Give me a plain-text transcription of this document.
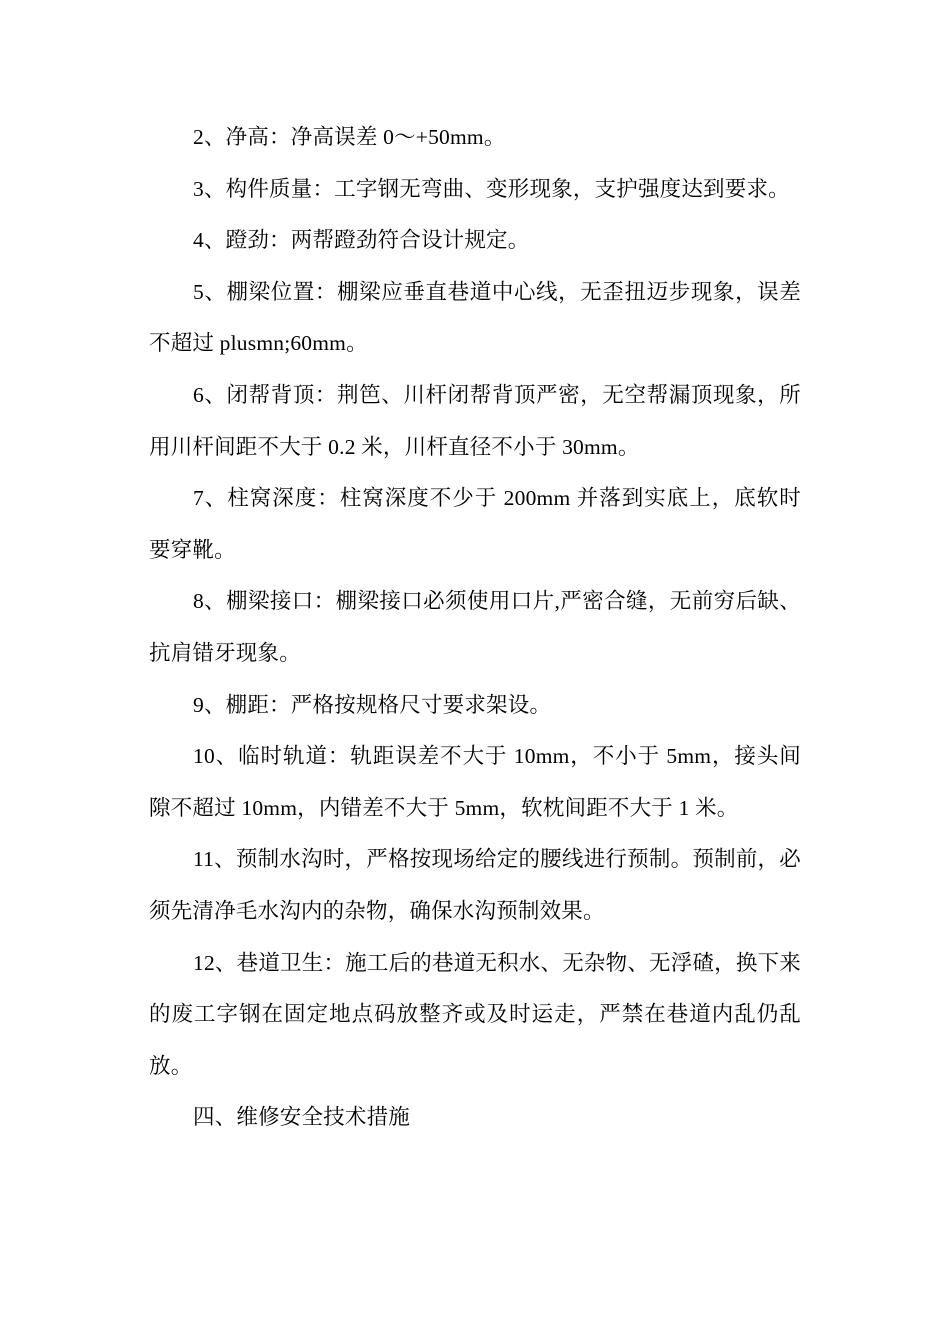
2、净高：净高误差 0～+50mm。

3、构件质量：工字钢无弯曲、变形现象，支护强度达到要求。

4、蹬劲：两帮蹬劲符合设计规定。

5、棚梁位置：棚梁应垂直巷道中心线，无歪扭迈步现象，误差不超过 plusmn;60mm。

6、闭帮背顶：荆笆、川杆闭帮背顶严密，无空帮漏顶现象，所用川杆间距不大于 0.2 米，川杆直径不小于 30mm。

7、柱窝深度：柱窝深度不少于 200mm 并落到实底上，底软时要穿靴。

8、棚梁接口：棚梁接口必须使用口片,严密合缝，无前穷后缺、抗肩错牙现象。

9、棚距：严格按规格尺寸要求架设。

10、临时轨道：轨距误差不大于 10mm，不小于 5mm，接头间隙不超过 10mm，内错差不大于 5mm，软枕间距不大于 1 米。

11、预制水沟时，严格按现场给定的腰线进行预制。预制前，必须先清净毛水沟内的杂物，确保水沟预制效果。

12、巷道卫生：施工后的巷道无积水、无杂物、无浮碴，换下来的废工字钢在固定地点码放整齐或及时运走，严禁在巷道内乱仍乱放。

四、维修安全技术措施
